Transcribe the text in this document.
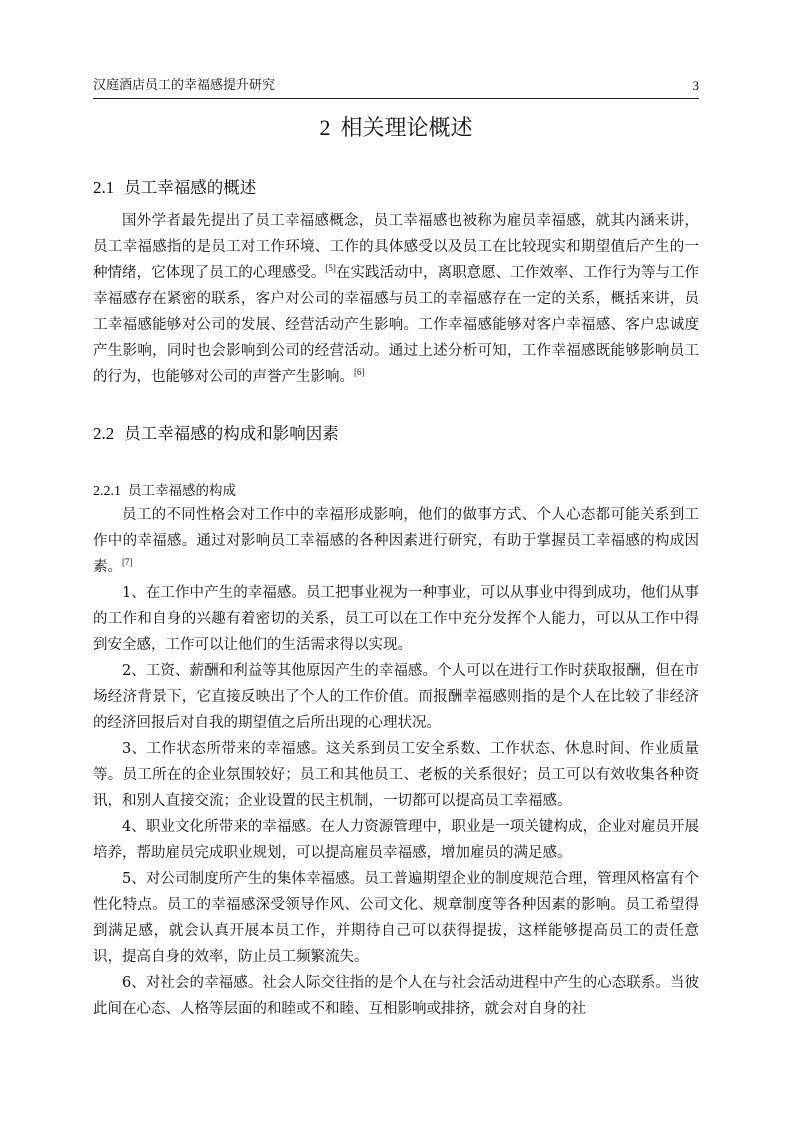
汉庭酒店员工的幸福感提升研究	3
2 相关理论概述
2.1 员工幸福感的概述

国外学者最先提出了员工幸福感概念，员工幸福感也被称为雇员幸福感，就其内涵来讲，员工幸福感指的是员工对工作环境、工作的具体感受以及员工在比较现实和期望值后产生的一种情绪，它体现了员工的心理感受。[5]在实践活动中，离职意愿、工作效率、工作行为等与工作幸福感存在紧密的联系，客户对公司的幸福感与员工的幸福感存在一定的关系，概括来讲，员工幸福感能够对公司的发展、经营活动产生影响。工作幸福感能够对客户幸福感、客户忠诚度产生影响，同时也会影响到公司的经营活动。通过上述分析可知，工作幸福感既能够影响员工的行为，也能够对公司的声誉产生影响。[6]

2.2 员工幸福感的构成和影响因素
2.2.1 员工幸福感的构成

员工的不同性格会对工作中的幸福形成影响，他们的做事方式、个人心态都可能关系到工作中的幸福感。通过对影响员工幸福感的各种因素进行研究，有助于掌握员工幸福感的构成因素。[7]

1、在工作中产生的幸福感。员工把事业视为一种事业，可以从事业中得到成功，他们从事的工作和自身的兴趣有着密切的关系，员工可以在工作中充分发挥个人能力，可以从工作中得到安全感，工作可以让他们的生活需求得以实现。

2、工资、薪酬和利益等其他原因产生的幸福感。个人可以在进行工作时获取报酬，但在市场经济背景下，它直接反映出了个人的工作价值。而报酬幸福感则指的是个人在比较了非经济的经济回报后对自我的期望值之后所出现的心理状况。

3、工作状态所带来的幸福感。这关系到员工安全系数、工作状态、休息时间、作业质量等。员工所在的企业氛围较好；员工和其他员工、老板的关系很好；员工可以有效收集各种资讯，和别人直接交流；企业设置的民主机制，一切都可以提高员工幸福感。

4、职业文化所带来的幸福感。在人力资源管理中，职业是一项关键构成，企业对雇员开展培养，帮助雇员完成职业规划，可以提高雇员幸福感，增加雇员的满足感。

5、对公司制度所产生的集体幸福感。员工普遍期望企业的制度规范合理，管理风格富有个性化特点。员工的幸福感深受领导作风、公司文化、规章制度等各种因素的影响。员工希望得到满足感，就会认真开展本员工作，并期待自己可以获得提拔，这样能够提高员工的责任意识，提高自身的效率，防止员工频繁流失。

6、对社会的幸福感。社会人际交往指的是个人在与社会活动进程中产生的心态联系。当彼此间在心态、人格等层面的和睦或不和睦、互相影响或排挤，就会对自身的社
